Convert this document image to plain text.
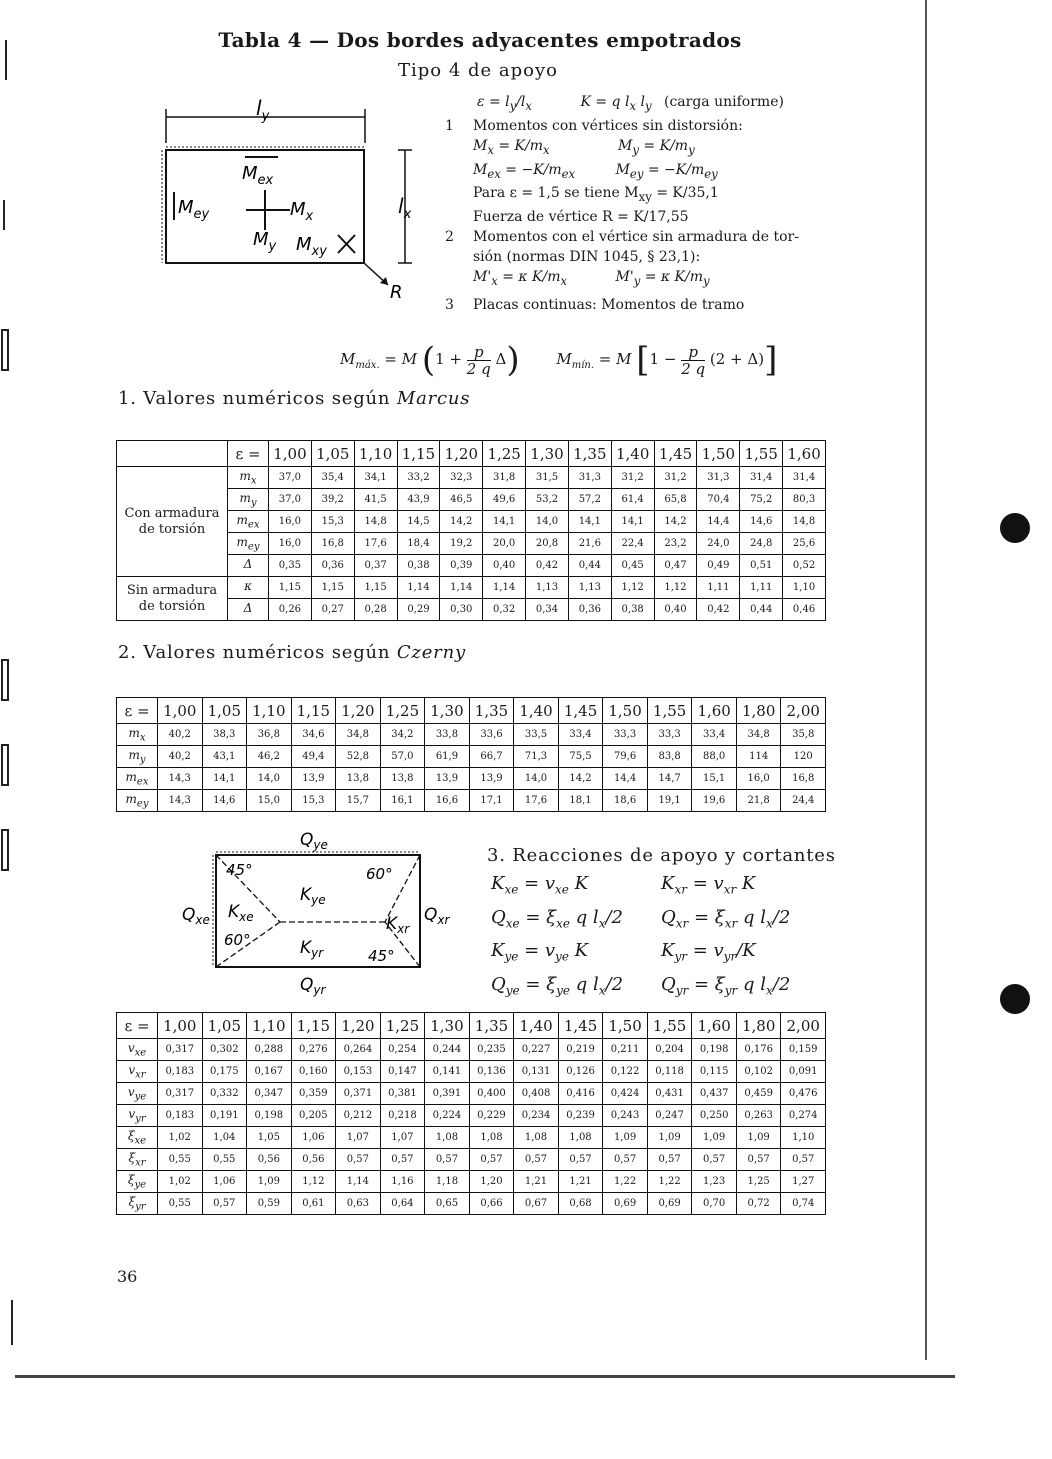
Tabla 4 — Dos bordes adyacentes empotrados
Tipo 4 de apoyo
$l_y$
$l_x$
$M_{ex}$
$M_x$
$M_{ey}$
$M_y$ $M_{xy}$
R
$\varepsilon = l_y/l_x$	K = q $l_x$ $l_y$ (carga uniforme)
1 Momentos con vértices sin distorsión:
$M_x = K/m_x$	$M_y = K/m_y$
$M_{ex} = -K/m_{ex}$	$M_{ey} = -K/m_{ey}$
Para ε = 1,5 se tiene $M_{xy} = K/35,1$
Fuerza de vértice R = K/17,55
2 Momentos con el vértice sin armadura de tor-
sión (normas DIN 1045, § 23,1):
$M'_x = \kappa$ $K/m_x$	$M'_y = \kappa$ $K/m_y$
3 Placas continuas: Momentos de tramo
$M_{máx.} = M$ $(1 + \frac{p}{2 q} \Delta)$ $M_{mín.} = M$ $[1 - \frac{p}{2 q} (2 + \Delta)]$
1. Valores numéricos según Marcus
	ε =	1,00	1,05	1,10	1,15	1,20	1,25	1,30	1,35	1,40	1,45	1,50	1,55	1,60
Con armadura de torsión	$m_x$	37,0	35,4	34,1	33,2	32,3	31,8	31,5	31,3	31,2	31,2	31,3	31,4	31,4
	$m_y$	37,0	39,2	41,5	43,9	46,5	49,6	53,2	57,2	61,4	65,8	70,4	75,2	80,3
	$m_{ex}$	16,0	15,3	14,8	14,5	14,2	14,1	14,0	14,1	14,1	14,2	14,4	14,6	14,8
	$m_{ey}$	16,0	16,8	17,6	18,4	19,2	20,0	20,8	21,6	22,4	23,2	24,0	24,8	25,6
	Δ	0,35	0,36	0,37	0,38	0,39	0,40	0,42	0,44	0,45	0,47	0,49	0,51	0,52
Sin armadura de torsión	κ	1,15	1,15	1,15	1,14	1,14	1,14	1,13	1,13	1,12	1,12	1,11	1,11	1,10
	Δ	0,26	0,27	0,28	0,29	0,30	0,32	0,34	0,36	0,38	0,40	0,42	0,44	0,46
2. Valores numéricos según Czerny
ε =	1,00	1,05	1,10	1,15	1,20	1,25	1,30	1,35	1,40	1,45	1,50	1,55	1,60	1,80	2,00
$m_x$	40,2	38,3	36,8	34,6	34,8	34,2	33,8	33,6	33,5	33,4	33,3	33,3	33,4	34,8	35,8
$m_y$	40,2	43,1	46,2	49,4	52,8	57,0	61,9	66,7	71,3	75,5	79,6	83,8	88,0	114	120
$m_{ex}$	14,3	14,1	14,0	13,9	13,8	13,8	13,9	13,9	14,0	14,2	14,4	14,7	15,1	16,0	16,8
$m_{ey}$	14,3	14,6	15,0	15,3	15,7	16,1	16,6	17,1	17,6	18,1	18,6	19,1	19,6	21,8	24,4
$Q_{ye}$
$Q_{yr}$
$Q_{xe}$	$Q_{xr}$
$K_{ye}$
$K_{yr}$
$K_{xe}$	$K_{xr}$
45°	60°
60°
45°
3. Reacciones de apoyo y cortantes
$K_{xe} = v_{xe}$ K	$K_{xr} = v_{xr}$ K
$Q_{xe} = \xi_{xe}$ q $l_x/2$	$Q_{xr} = \xi_{xr}$ q $l_x/2$
$K_{ye} = v_{ye}$ K	$K_{yr} = v_{yr}/K$
$Q_{ye} = \xi_{ye}$ q $l_x/2$	$Q_{yr} = \xi_{yr}$ q $l_x/2$
ε =	1,00	1,05	1,10	1,15	1,20	1,25	1,30	1,35	1,40	1,45	1,50	1,55	1,60	1,80	2,00
$v_{xe}$	0,317	0,302	0,288	0,276	0,264	0,254	0,244	0,235	0,227	0,219	0,211	0,204	0,198	0,176	0,159
$v_{xr}$	0,183	0,175	0,167	0,160	0,153	0,147	0,141	0,136	0,131	0,126	0,122	0,118	0,115	0,102	0,091
$v_{ye}$	0,317	0,332	0,347	0,359	0,371	0,381	0,391	0,400	0,408	0,416	0,424	0,431	0,437	0,459	0,476
$v_{yr}$	0,183	0,191	0,198	0,205	0,212	0,218	0,224	0,229	0,234	0,239	0,243	0,247	0,250	0,263	0,274
$\xi_{xe}$	1,02	1,04	1,05	1,06	1,07	1,07	1,08	1,08	1,08	1,08	1,09	1,09	1,09	1,09	1,10
$\xi_{xr}$	0,55	0,55	0,56	0,56	0,57	0,57	0,57	0,57	0,57	0,57	0,57	0,57	0,57	0,57	0,57
$\xi_{ye}$	1,02	1,06	1,09	1,12	1,14	1,16	1,18	1,20	1,21	1,21	1,22	1,22	1,23	1,25	1,27
$\xi_{yr}$	0,55	0,57	0,59	0,61	0,63	0,64	0,65	0,66	0,67	0,68	0,69	0,69	0,70	0,72	0,74
36
